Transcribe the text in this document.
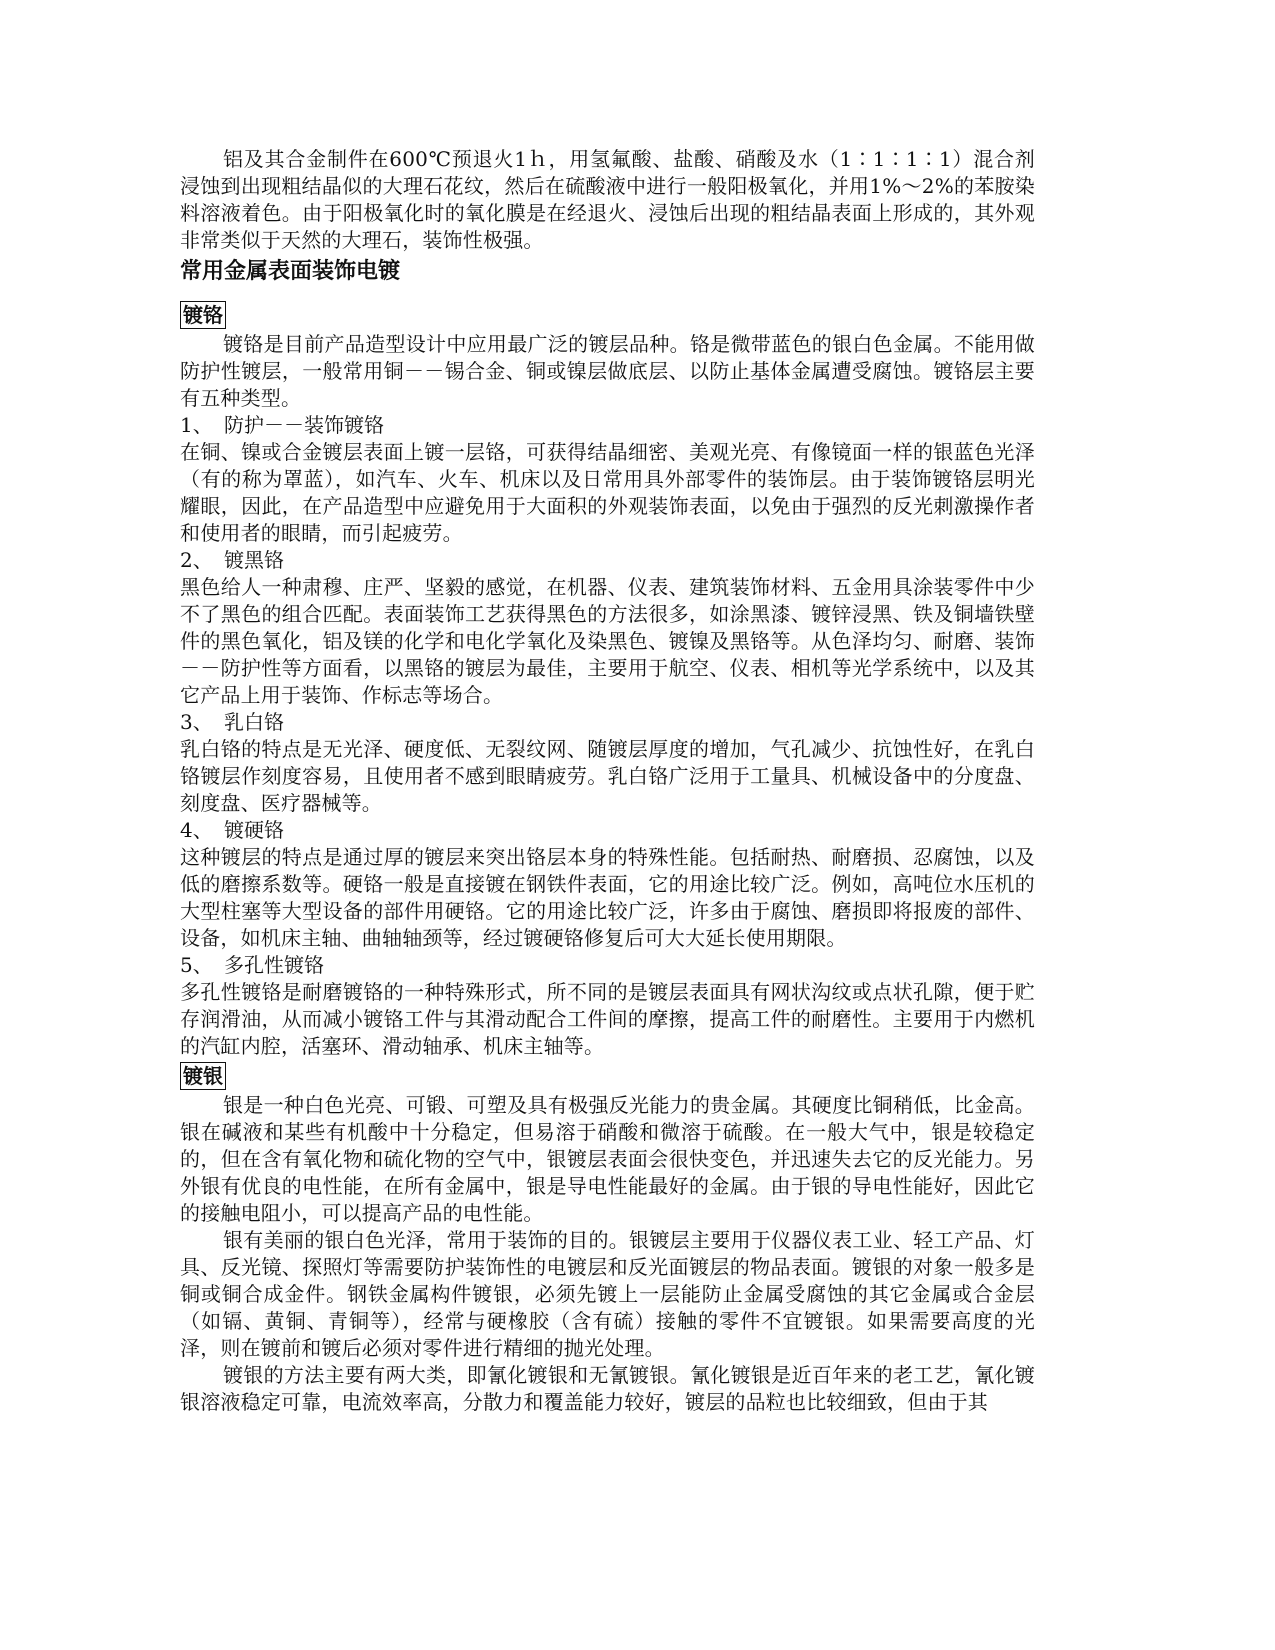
铝及其合金制件在600℃预退火1ｈ，用氢氟酸、盐酸、硝酸及水（1∶1∶1∶1）混合剂浸蚀到出现粗结晶似的大理石花纹，然后在硫酸液中进行一般阳极氧化，并用1%～2%的苯胺染料溶液着色。由于阳极氧化时的氧化膜是在经退火、浸蚀后出现的粗结晶表面上形成的，其外观非常类似于天然的大理石，装饰性极强。

常用金属表面装饰电镀
镀铬

镀铬是目前产品造型设计中应用最广泛的镀层品种。铬是微带蓝色的银白色金属。不能用做防护性镀层，一般常用铜－－锡合金、铜或镍层做底层、以防止基体金属遭受腐蚀。镀铬层主要有五种类型。

1、 防护－－装饰镀铬

在铜、镍或合金镀层表面上镀一层铬，可获得结晶细密、美观光亮、有像镜面一样的银蓝色光泽（有的称为罩蓝），如汽车、火车、机床以及日常用具外部零件的装饰层。由于装饰镀铬层明光耀眼，因此，在产品造型中应避免用于大面积的外观装饰表面，以免由于强烈的反光刺激操作者和使用者的眼睛，而引起疲劳。

2、 镀黑铬

黑色给人一种肃穆、庄严、坚毅的感觉，在机器、仪表、建筑装饰材料、五金用具涂装零件中少不了黑色的组合匹配。表面装饰工艺获得黑色的方法很多，如涂黑漆、镀锌浸黑、铁及铜墙铁壁件的黑色氧化，铝及镁的化学和电化学氧化及染黑色、镀镍及黑铬等。从色泽均匀、耐磨、装饰－－防护性等方面看，以黑铬的镀层为最佳，主要用于航空、仪表、相机等光学系统中，以及其它产品上用于装饰、作标志等场合。

3、 乳白铬

乳白铬的特点是无光泽、硬度低、无裂纹网、随镀层厚度的增加，气孔减少、抗蚀性好，在乳白铬镀层作刻度容易，且使用者不感到眼睛疲劳。乳白铬广泛用于工量具、机械设备中的分度盘、刻度盘、医疗器械等。

4、 镀硬铬

这种镀层的特点是通过厚的镀层来突出铬层本身的特殊性能。包括耐热、耐磨损、忍腐蚀，以及低的磨擦系数等。硬铬一般是直接镀在钢铁件表面，它的用途比较广泛。例如，高吨位水压机的大型柱塞等大型设备的部件用硬铬。它的用途比较广泛，许多由于腐蚀、磨损即将报废的部件、设备，如机床主轴、曲轴轴颈等，经过镀硬铬修复后可大大延长使用期限。

5、 多孔性镀铬

多孔性镀铬是耐磨镀铬的一种特殊形式，所不同的是镀层表面具有网状沟纹或点状孔隙，便于贮存润滑油，从而减小镀铬工件与其滑动配合工件间的摩擦，提高工件的耐磨性。主要用于内燃机的汽缸内腔，活塞环、滑动轴承、机床主轴等。

镀银

银是一种白色光亮、可锻、可塑及具有极强反光能力的贵金属。其硬度比铜稍低，比金高。银在碱液和某些有机酸中十分稳定，但易溶于硝酸和微溶于硫酸。在一般大气中，银是较稳定的，但在含有氧化物和硫化物的空气中，银镀层表面会很快变色，并迅速失去它的反光能力。另外银有优良的电性能，在所有金属中，银是导电性能最好的金属。由于银的导电性能好，因此它的接触电阻小，可以提高产品的电性能。

银有美丽的银白色光泽，常用于装饰的目的。银镀层主要用于仪器仪表工业、轻工产品、灯具、反光镜、探照灯等需要防护装饰性的电镀层和反光面镀层的物品表面。镀银的对象一般多是铜或铜合成金件。钢铁金属构件镀银，必须先镀上一层能防止金属受腐蚀的其它金属或合金层（如镉、黄铜、青铜等），经常与硬橡胶（含有硫）接触的零件不宜镀银。如果需要高度的光泽，则在镀前和镀后必须对零件进行精细的抛光处理。

镀银的方法主要有两大类，即氰化镀银和无氰镀银。氰化镀银是近百年来的老工艺，氰化镀银溶液稳定可靠，电流效率高，分散力和覆盖能力较好，镀层的品粒也比较细致，但由于其
